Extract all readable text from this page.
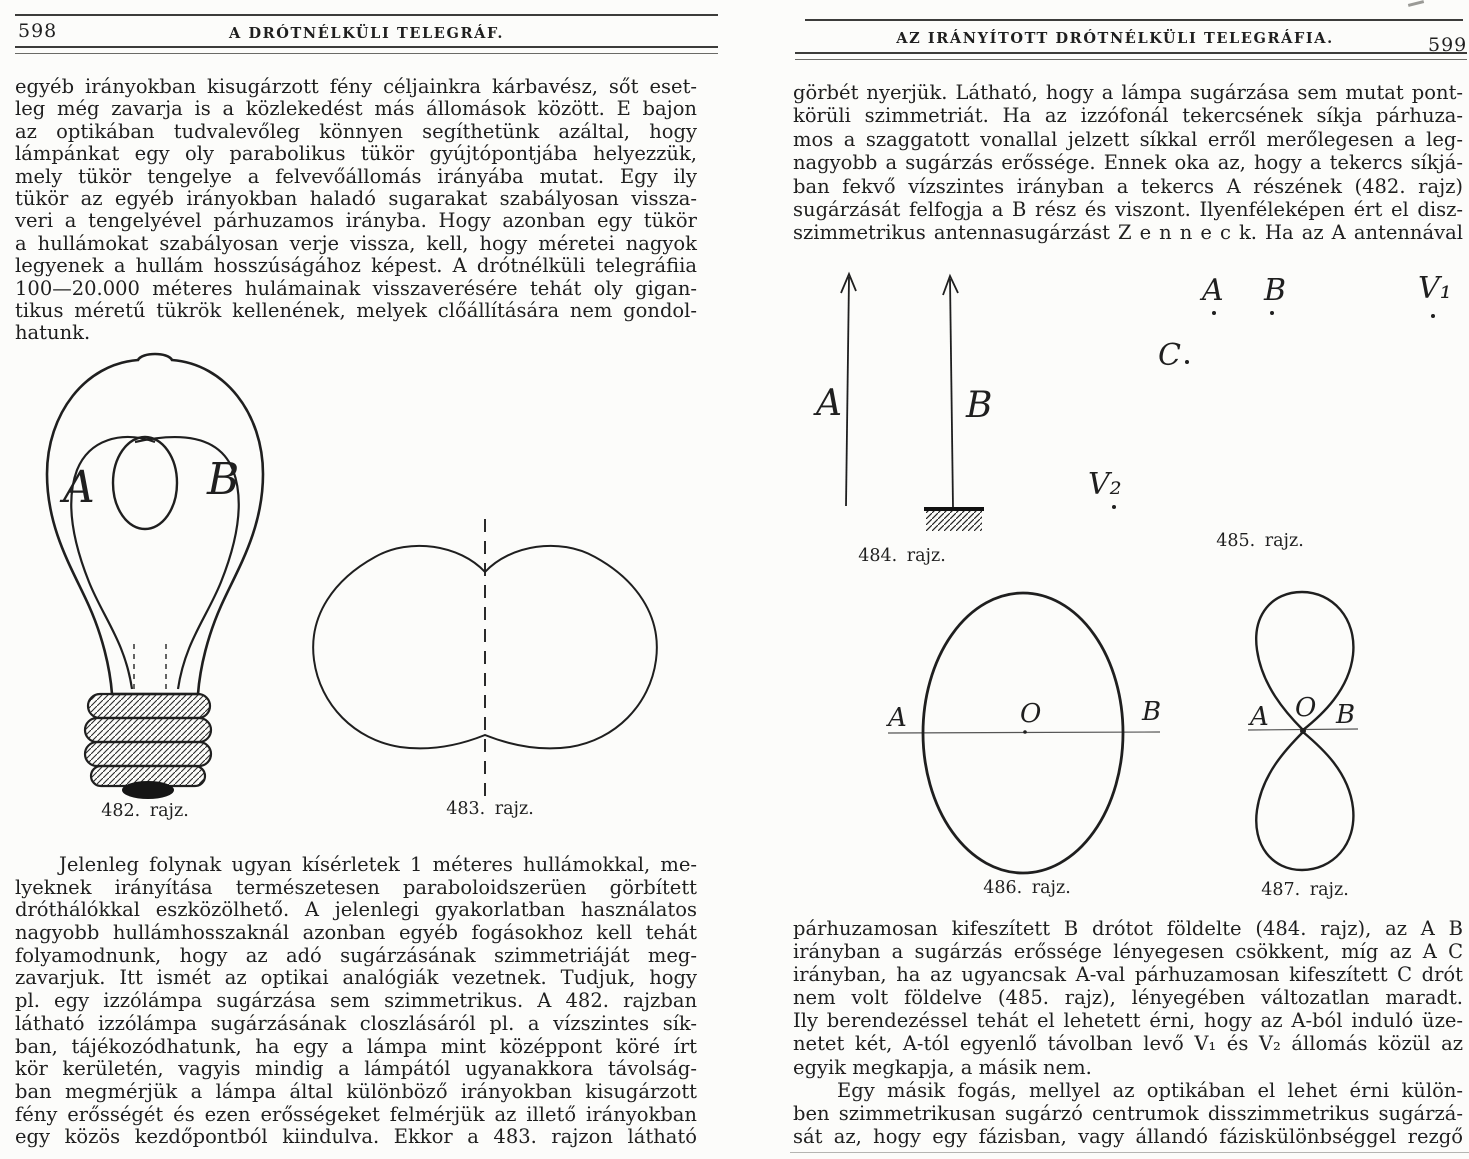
598	A DRÓTNÉLKÜLI TELEGRÁF.
egyéb irányokban kisugárzott fény céljainkra kárbavész, sőt eset-
leg még zavarja is a közlekedést más állomások között. E bajon
az optikában tudvalevőleg könnyen segíthetünk azáltal, hogy
lámpánkat egy oly parabolikus tükör gyújtópontjába helyezzük,
mely tükör tengelye a felvevőállomás irányába mutat. Egy ily
tükör az egyéb irányokban haladó sugarakat szabályosan vissza-
veri a tengelyével párhuzamos irányba. Hogy azonban egy tükör
a hullámokat szabályosan verje vissza, kell, hogy méretei nagyok
legyenek a hullám hosszúságához képest. A drótnélküli telegráfiia
100—20.000 méteres hulámainak visszaverésére tehát oly gigan-
tikus méretű tükrök kellenének, melyek clőállítására nem gondol-
hatunk.
A	B
482. rajz.	483. rajz.
Jelenleg folynak ugyan kísérletek 1 méteres hullámokkal, me-
lyeknek irányítása természetesen paraboloidszerüen görbített
dróthálókkal eszközölhető. A jelenlegi gyakorlatban használatos
nagyobb hullámhosszaknál azonban egyéb fogásokhoz kell tehát
folyamodnunk, hogy az adó sugárzásának szimmetriáját meg-
zavarjuk. Itt ismét az optikai analógiák vezetnek. Tudjuk, hogy
pl. egy izzólámpa sugárzása sem szimmetrikus. A 482. rajzban
látható izzólámpa sugárzásának closzlásáról pl. a vízszintes sík-
ban, tájékozódhatunk, ha egy a lámpa mint középpont köré írt
kör kerületén, vagyis mindig a lámpától ugyanakkora távolság-
ban megmérjük a lámpa által különböző irányokban kisugárzott
fény erősségét és ezen erősségeket felmérjük az illető irányokban
egy közös kezdőpontból kiindulva. Ekkor a 483. rajzon látható
AZ IRÁNYÍTOTT DRÓTNÉLKÜLI TELEGRÁFIA.	599
görbét nyerjük. Látható, hogy a lámpa sugárzása sem mutat pont-
körüli szimmetriát. Ha az izzófonál tekercsének síkja párhuza-
mos a szaggatott vonallal jelzett síkkal erről merőlegesen a leg-
nagyobb a sugárzás erőssége. Ennek oka az, hogy a tekercs síkjá-
ban fekvő vízszintes irányban a tekercs A részének (482. rajz)
sugárzását felfogja a B rész és viszont. Ilyenféleképen ért el disz-
szimmetrikus antennasugárzást Z e n n e c k. Ha az A antennával
A	B
484. rajz.
A B	V₁
C
V₂
485. rajz.
A	O	B
486. rajz.
A O B
487. rajz.
párhuzamosan kifeszített B drótot földelte (484. rajz), az A B
irányban a sugárzás erőssége lényegesen csökkent, míg az A C
irányban, ha az ugyancsak A-val párhuzamosan kifeszített C drót
nem volt földelve (485. rajz), lényegében változatlan maradt.
Ily berendezéssel tehát el lehetett érni, hogy az A-ból induló üze-
netet két, A-tól egyenlő távolban levő V₁ és V₂ állomás közül az
egyik megkapja, a másik nem.
Egy másik fogás, mellyel az optikában el lehet érni külön-
ben szimmetrikusan sugárzó centrumok disszimmetrikus sugárzá-
sát az, hogy egy fázisban, vagy állandó fáziskülönbséggel rezgő
